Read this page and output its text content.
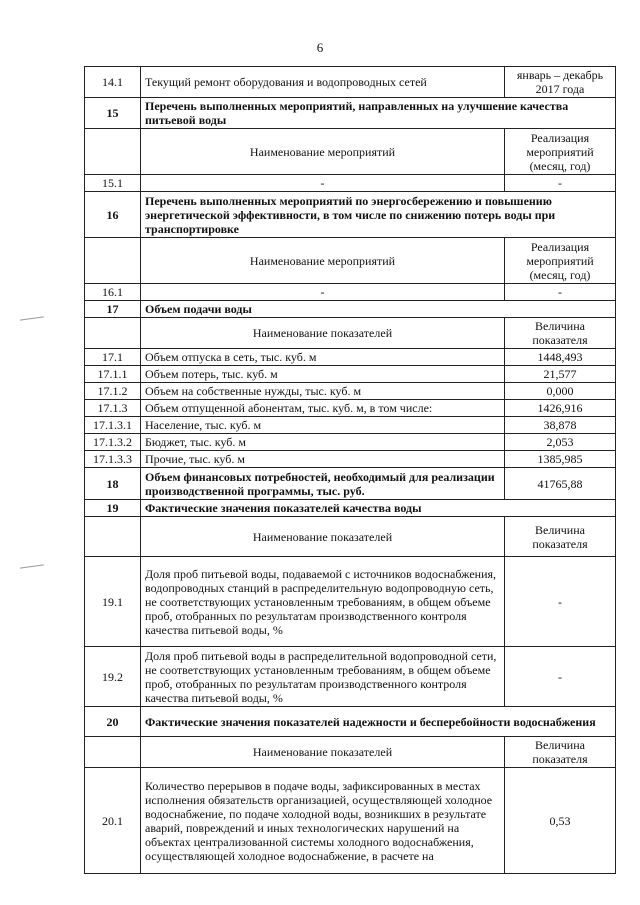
6
14.1	Текущий ремонт оборудования и водопроводных сетей	январь – декабрь 2017 года
15	Перечень выполненных мероприятий, направленных на улучшение качества питьевой воды	
	Наименование мероприятий	Реализация мероприятий (месяц, год)
15.1	-	-
16	Перечень выполненных мероприятий по энергосбережению и повышению энергетической эффективности, в том числе по снижению потерь воды при транспортировке	
	Наименование мероприятий	Реализация мероприятий (месяц, год)
16.1	-	-
17	Объем подачи воды	
	Наименование показателей	Величина показателя
17.1	Объем отпуска в сеть, тыс. куб. м	1448,493
17.1.1	Объем потерь, тыс. куб. м	21,577
17.1.2	Объем на собственные нужды, тыс. куб. м	0,000
17.1.3	Объем отпущенной абонентам, тыс. куб. м, в том числе:	1426,916
17.1.3.1	Население, тыс. куб. м	38,878
17.1.3.2	Бюджет, тыс. куб. м	2,053
17.1.3.3	Прочие, тыс. куб. м	1385,985
18	Объем финансовых потребностей, необходимый для реализации производственной программы, тыс. руб.	41765,88
19	Фактические значения показателей качества воды	
	Наименование показателей	Величина показателя
19.1	Доля проб питьевой воды, подаваемой с источников водоснабжения, водопроводных станций в распределительную водопроводную сеть, не соответствующих установленным требованиям, в общем объеме проб, отобранных по результатам производственного контроля качества питьевой воды, %	-
19.2	Доля проб питьевой воды в распределительной водопроводной сети, не соответствующих установленным требованиям, в общем объеме проб, отобранных по результатам производственного контроля качества питьевой воды, %	-
20	Фактические значения показателей надежности и бесперебойности водоснабжения	
	Наименование показателей	Величина показателя
20.1	Количество перерывов в подаче воды, зафиксированных в местах исполнения обязательств организацией, осуществляющей холодное водоснабжение, по подаче холодной воды, возникших в результате аварий, повреждений и иных технологических нарушений на объектах централизованной системы холодного водоснабжения, осуществляющей холодное водоснабжение, в расчете на	0,53
